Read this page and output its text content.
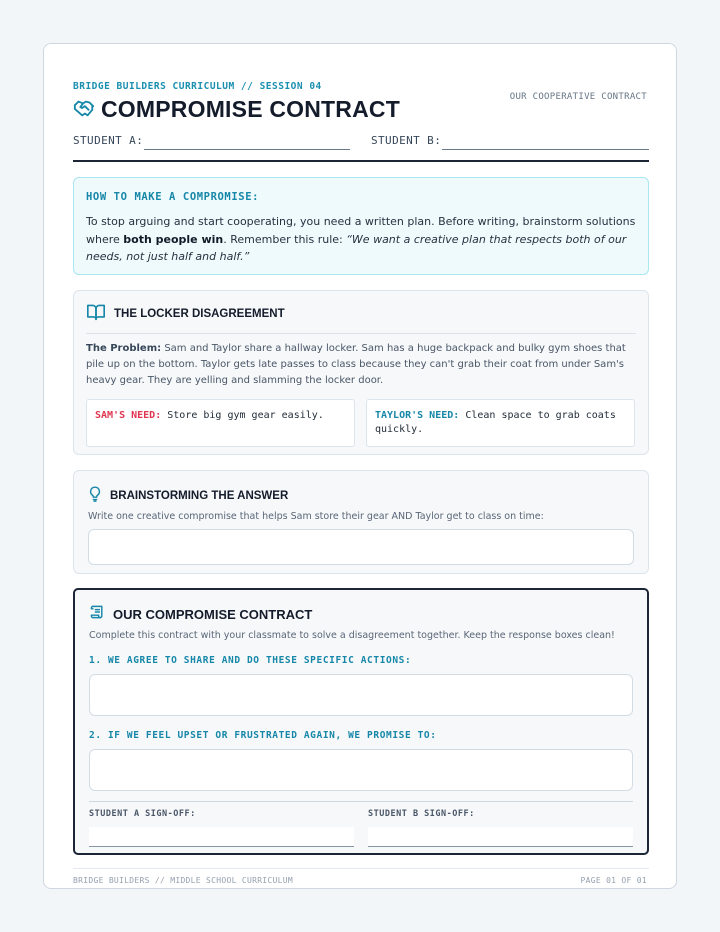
BRIDGE BUILDERS CURRICULUM // SESSION 04
OUR COOPERATIVE CONTRACT
COMPROMISE CONTRACT
STUDENT A:	STUDENT B:
HOW TO MAKE A COMPROMISE:
To stop arguing and start cooperating, you need a written plan. Before writing, brainstorm solutions where both people win. Remember this rule: “We want a creative plan that respects both of our needs, not just half and half.”
THE LOCKER DISAGREEMENT
The Problem: Sam and Taylor share a hallway locker. Sam has a huge backpack and bulky gym shoes that pile up on the bottom. Taylor gets late passes to class because they can't grab their coat from under Sam's heavy gear. They are yelling and slamming the locker door.
SAM'S NEED: Store big gym gear easily.	TAYLOR'S NEED: Clean space to grab coats quickly.
BRAINSTORMING THE ANSWER
Write one creative compromise that helps Sam store their gear AND Taylor get to class on time:
OUR COMPROMISE CONTRACT
Complete this contract with your classmate to solve a disagreement together. Keep the response boxes clean!
1. WE AGREE TO SHARE AND DO THESE SPECIFIC ACTIONS:
2. IF WE FEEL UPSET OR FRUSTRATED AGAIN, WE PROMISE TO:
STUDENT A SIGN-OFF:	STUDENT B SIGN-OFF:
BRIDGE BUILDERS // MIDDLE SCHOOL CURRICULUM	PAGE 01 OF 01
